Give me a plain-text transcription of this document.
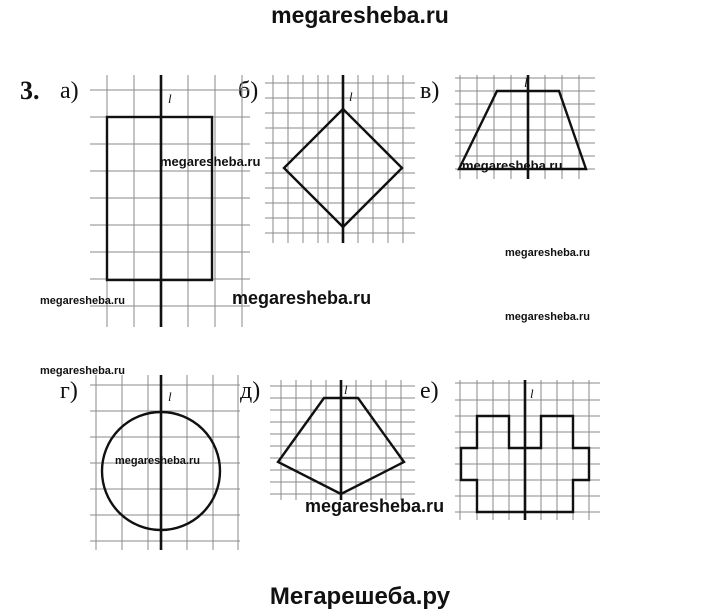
megaresheba.ru
3. а)	б)	в)
г)	д)	е)
l	l
l
l	l	l
megaresheba.ru	megaresheba.ru
megaresheba.ru
megaresheba.ru	megaresheba.ru
megaresheba.ru
megaresheba.ru
megaresheba.ru
megaresheba.ru
Мегарешеба.ру
